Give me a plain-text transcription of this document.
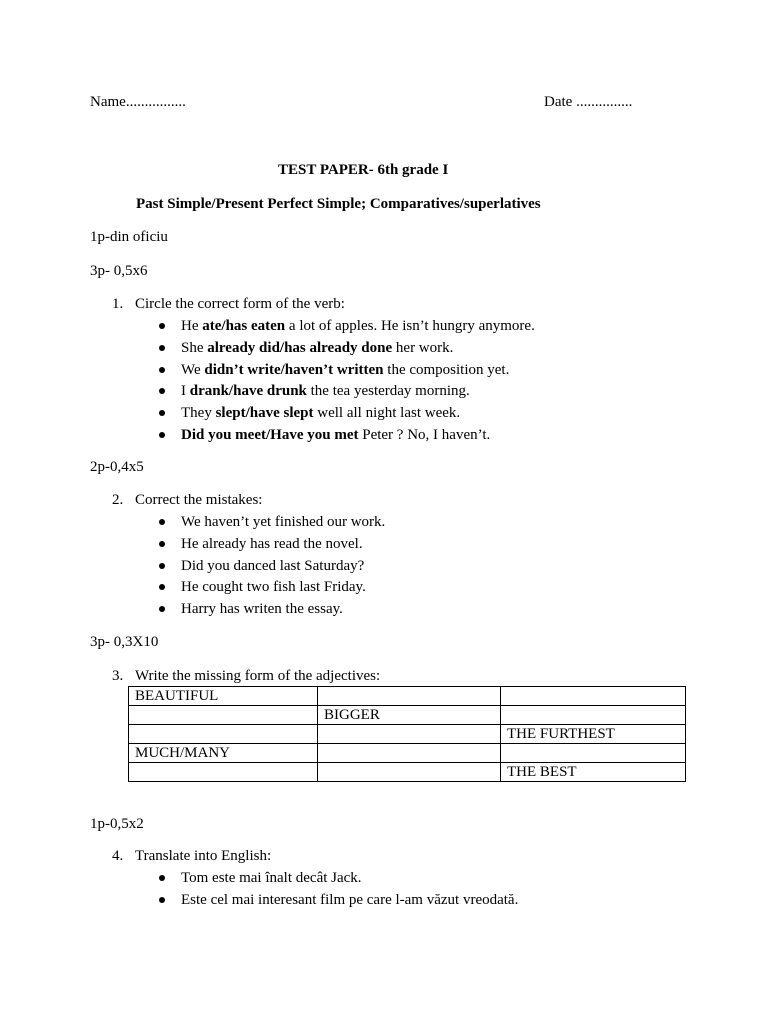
Name................	Date ...............
TEST PAPER- 6th grade I
Past Simple/Present Perfect Simple; Comparatives/superlatives
1p-din oficiu
3p- 0,5x6
1. Circle the correct form of the verb:
He ate/has eaten a lot of apples. He isn’t hungry anymore.
She already did/has already done her work.
We didn’t write/haven’t written the composition yet.
I drank/have drunk the tea yesterday morning.
They slept/have slept well all night last week.
Did you meet/Have you met Peter ? No, I haven’t.
2p-0,4x5
2. Correct the mistakes:
We haven’t yet finished our work.
He already has read the novel.
Did you danced last Saturday?
He cought two fish last Friday.
Harry has writen the essay.
3p- 0,3X10
3. Write the missing form of the adjectives:
BEAUTIFUL		
	BIGGER	
		THE FURTHEST
MUCH/MANY		
		THE BEST
1p-0,5x2
4. Translate into English:
Tom este mai înalt decât Jack.
Este cel mai interesant film pe care l-am văzut vreodată.
